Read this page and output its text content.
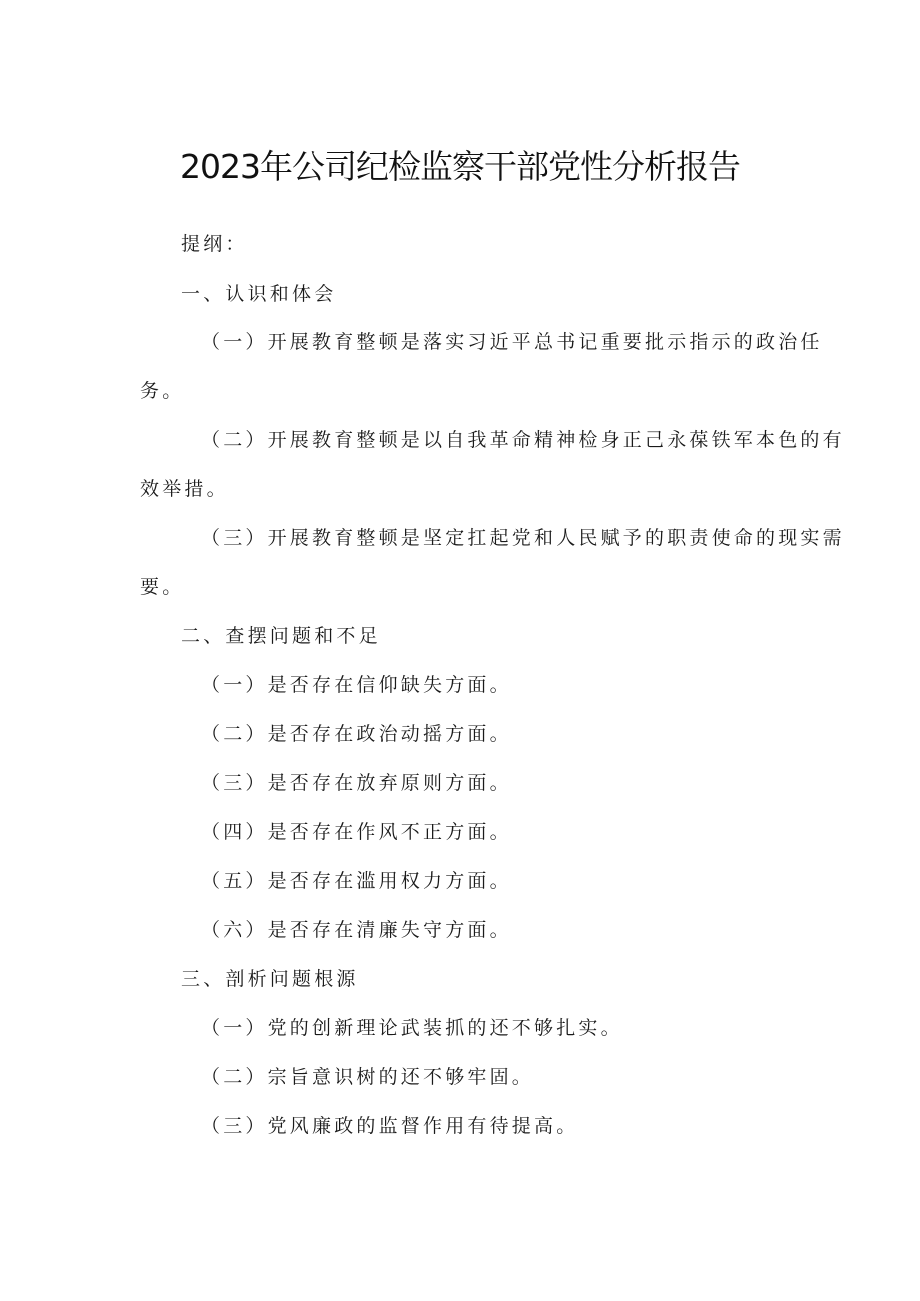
2023年公司纪检监察干部党性分析报告
提纲：
一、认识和体会
（一）开展教育整顿是落实习近平总书记重要批示指示的政治任
务。
（二）开展教育整顿是以自我革命精神检身正己永葆铁军本色的有
效举措。
（三）开展教育整顿是坚定扛起党和人民赋予的职责使命的现实需
要。
二、查摆问题和不足
（一）是否存在信仰缺失方面。
（二）是否存在政治动摇方面。
（三）是否存在放弃原则方面。
（四）是否存在作风不正方面。
（五）是否存在滥用权力方面。
（六）是否存在清廉失守方面。
三、剖析问题根源
（一）党的创新理论武装抓的还不够扎实。
（二）宗旨意识树的还不够牢固。
（三）党风廉政的监督作用有待提高。
